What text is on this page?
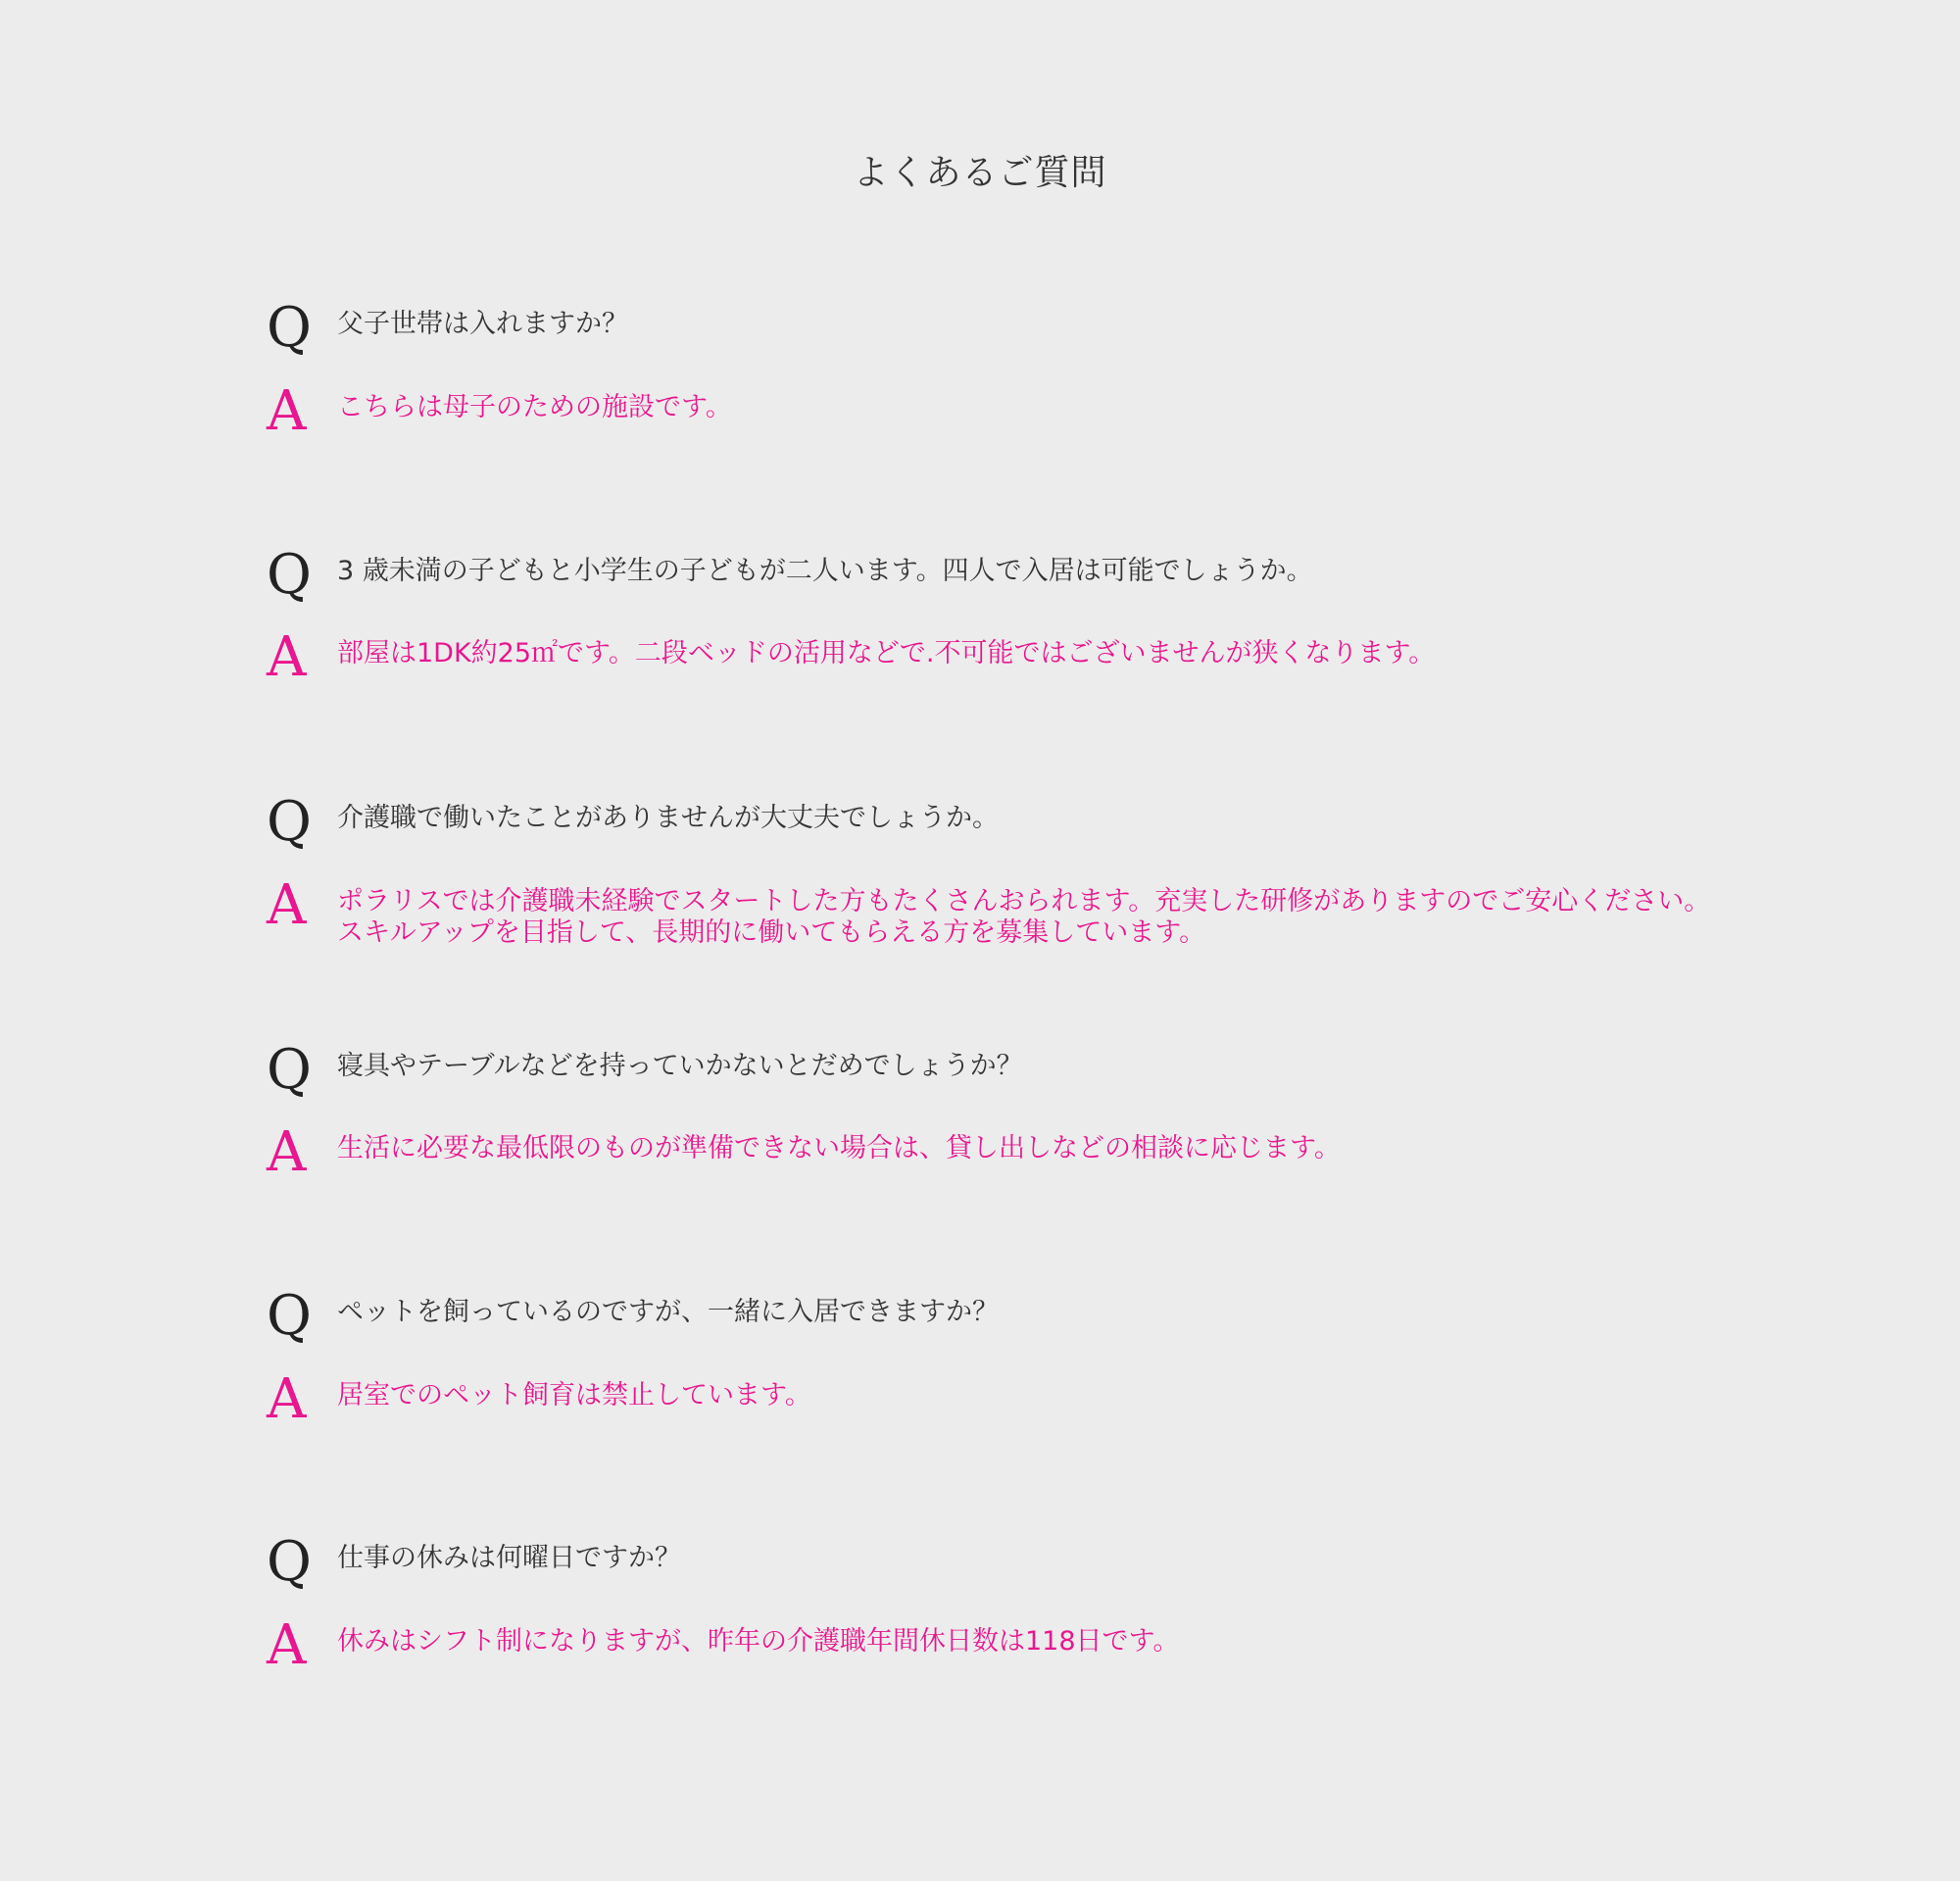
よくあるご質問
Q 父子世帯は入れますか？
A	こちらは母子のための施設です。
Q 3 歳未満の子どもと小学生の子どもが二人います。四人で入居は可能でしょうか。
A	部屋は1DK約25㎡です。二段ベッドの活用などで.不可能ではございませんが狭くなります。
Q 介護職で働いたことがありませんが大丈夫でしょうか。
A	ポラリスでは介護職未経験でスタートした方もたくさんおられます。充実した研修がありますのでご安心ください。
スキルアップを目指して、長期的に働いてもらえる方を募集しています。
Q 寝具やテーブルなどを持っていかないとだめでしょうか？
A	生活に必要な最低限のものが準備できない場合は、貸し出しなどの相談に応じます。
Q ペットを飼っているのですが、一緒に入居できますか？
A	居室でのペット飼育は禁止しています。
Q 仕事の休みは何曜日ですか？
A	休みはシフト制になりますが、昨年の介護職年間休日数は118日です。
